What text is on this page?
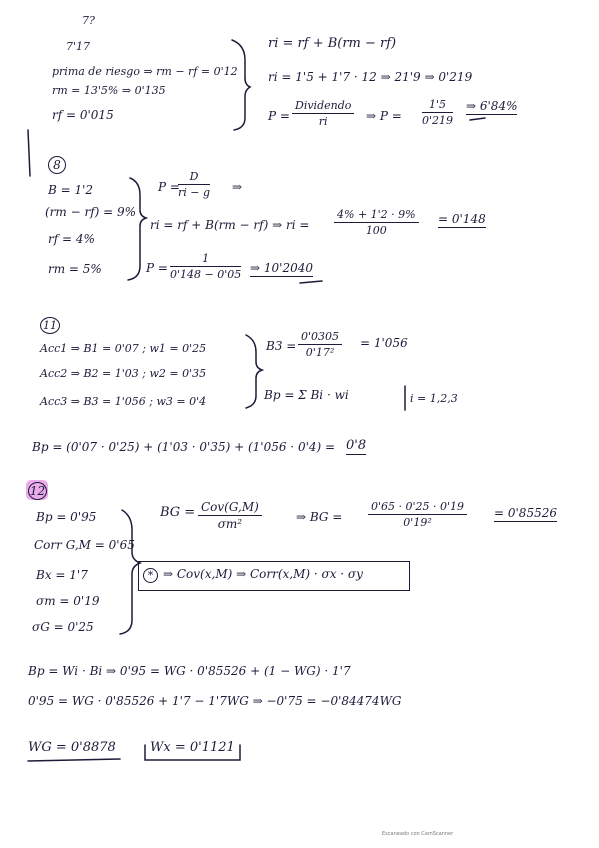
7?
7'17
prima de riesgo ⇒ rm − rf = 0'12
rm = 13'5% ⇒ 0'135
rf = 0'015
ri = rf + B(rm − rf)
ri = 1'5 + 1'7 · 12 ⇒ 21'9 ⇒ 0'219
P =
Dividendo
ri	⇒ $P = \frac{1'5}{0'219}$ ⇒ 6'84%
8
B = 1'2
(rm − rf) = 9%
rf = 4%
rm = 5%
P =
$\frac{D}{ri - g}$ ⇒
ri = rf + B(rm − rf) ⇒ ri = $\frac{4\% + 1'2 \cdot 9\%}{100} = 0'148$
$P = \frac{1}{0'148 - 0'05}$ ⇒ 10'2040
11
Acc1 ⇒ B1 = 0'07 ; w1 = 0'25
Acc2 ⇒ B2 = 1'03 ; w2 = 0'35
Acc3 ⇒ B3 = 1'056 ; w3 = 0'4
$B3 = \frac{0'0305}{\text{0'17²}} = 1'056$
Bp = Σ Bi · wi	i = 1,2,3
Bp = (0'07 · 0'25) + (1'03 · 0'35) + (1'056 · 0'4) = 0'8
12
Bp = 0'95
Corr G,M = 0'65
Bx = 1'7
σm = 0'19
σG = 0'25
BG = Cov(G,M)
σm²	⇒ BG = $\frac{0'65 \cdot 0'25 \cdot 0'19}{\text{0'19²}} = 0'85526$
* ⇒ Cov(x,M) ⇒ Corr(x,M) · σx · σy
Bp = Wi · Bi ⇒ 0'95 = WG · 0'85526 + (1 − WG) · 1'7
0'95 = WG · 0'85526 + 1'7 − 1'7WG ⇒ −0'75 = −0'84474WG
WG = 0'8878	Wx = 0'1121
Escaneado con CamScanner
